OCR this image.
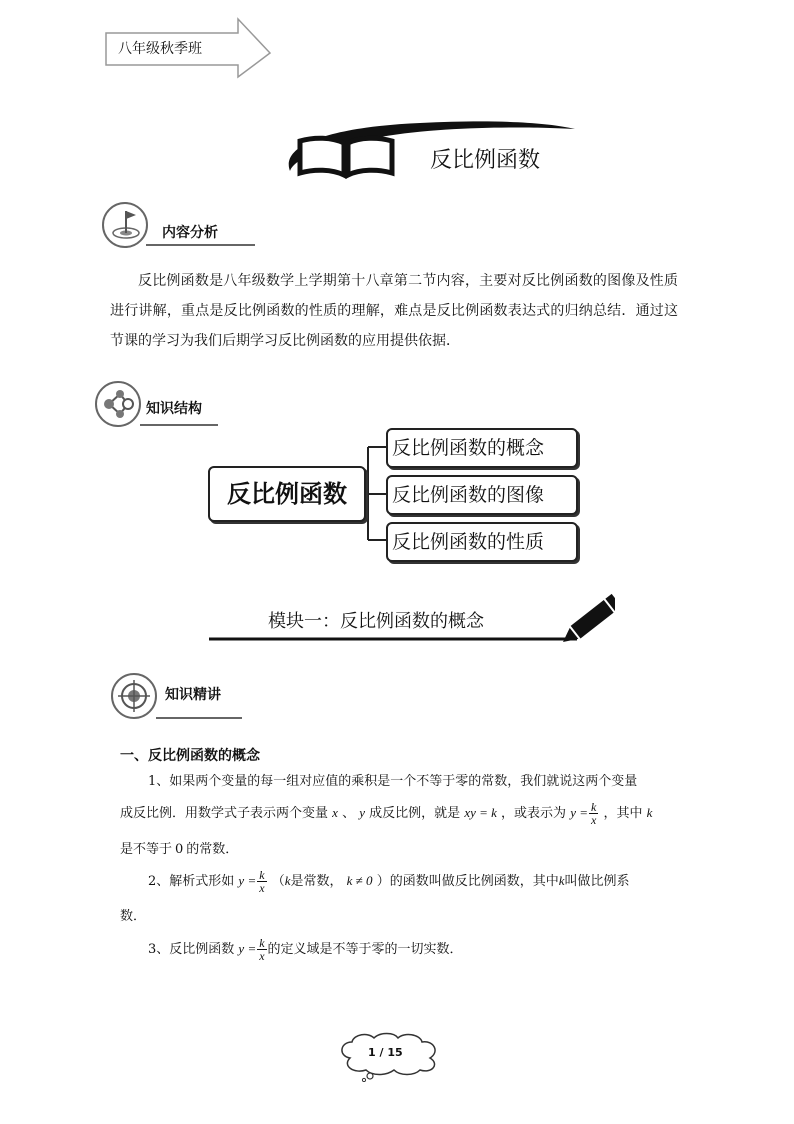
八年级秋季班
反比例函数
内容分析
反比例函数是八年级数学上学期第十八章第二节内容，主要对反比例函数的图像及性质进行讲解，重点是反比例函数的性质的理解，难点是反比例函数表达式的归纳总结．通过这节课的学习为我们后期学习反比例函数的应用提供依据．
知识结构
反比例函数
反比例函数的概念
反比例函数的图像
反比例函数的性质
模块一：反比例函数的概念
知识精讲
一、反比例函数的概念
1、如果两个变量的每一组对应值的乘积是一个不等于零的常数，我们就说这两个变量
成反比例．用数学式子表示两个变量 x 、 y 成反比例，就是 xy = k ，或表示为 $y = \frac{k}{x}$ ，其中 k
是不等于 0 的常数．
2、解析式形如 $y = \frac{k}{x} (k$是常数， k ≠ 0 ）的函数叫做反比例函数，其中k叫做比例系
数．
3、反比例函数 $y = \frac{k}{x}$ 的定义域是不等于零的一切实数．
1 / 15
